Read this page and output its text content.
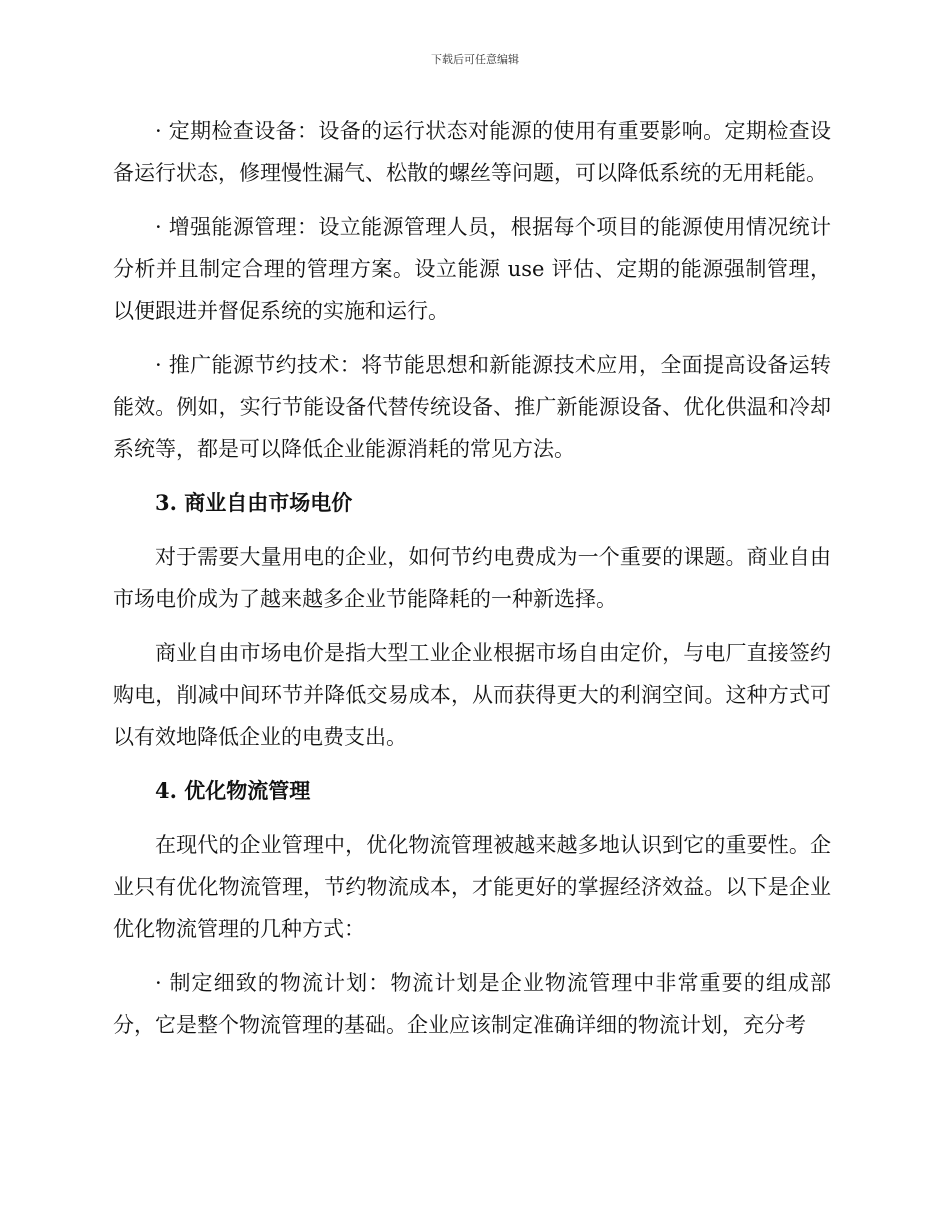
下载后可任意编辑

· 定期检查设备：设备的运行状态对能源的使用有重要影响。定期检查设备运行状态，修理慢性漏气、松散的螺丝等问题，可以降低系统的无用耗能。

· 增强能源管理：设立能源管理人员，根据每个项目的能源使用情况统计分析并且制定合理的管理方案。设立能源 use 评估、定期的能源强制管理，以便跟进并督促系统的实施和运行。

· 推广能源节约技术：将节能思想和新能源技术应用，全面提高设备运转能效。例如，实行节能设备代替传统设备、推广新能源设备、优化供温和冷却系统等，都是可以降低企业能源消耗的常见方法。

3. 商业自由市场电价

对于需要大量用电的企业，如何节约电费成为一个重要的课题。商业自由市场电价成为了越来越多企业节能降耗的一种新选择。

商业自由市场电价是指大型工业企业根据市场自由定价，与电厂直接签约购电，削减中间环节并降低交易成本，从而获得更大的利润空间。这种方式可以有效地降低企业的电费支出。

4. 优化物流管理

在现代的企业管理中，优化物流管理被越来越多地认识到它的重要性。企业只有优化物流管理，节约物流成本，才能更好的掌握经济效益。以下是企业优化物流管理的几种方式：

· 制定细致的物流计划：物流计划是企业物流管理中非常重要的组成部分，它是整个物流管理的基础。企业应该制定准确详细的物流计划，充分考
